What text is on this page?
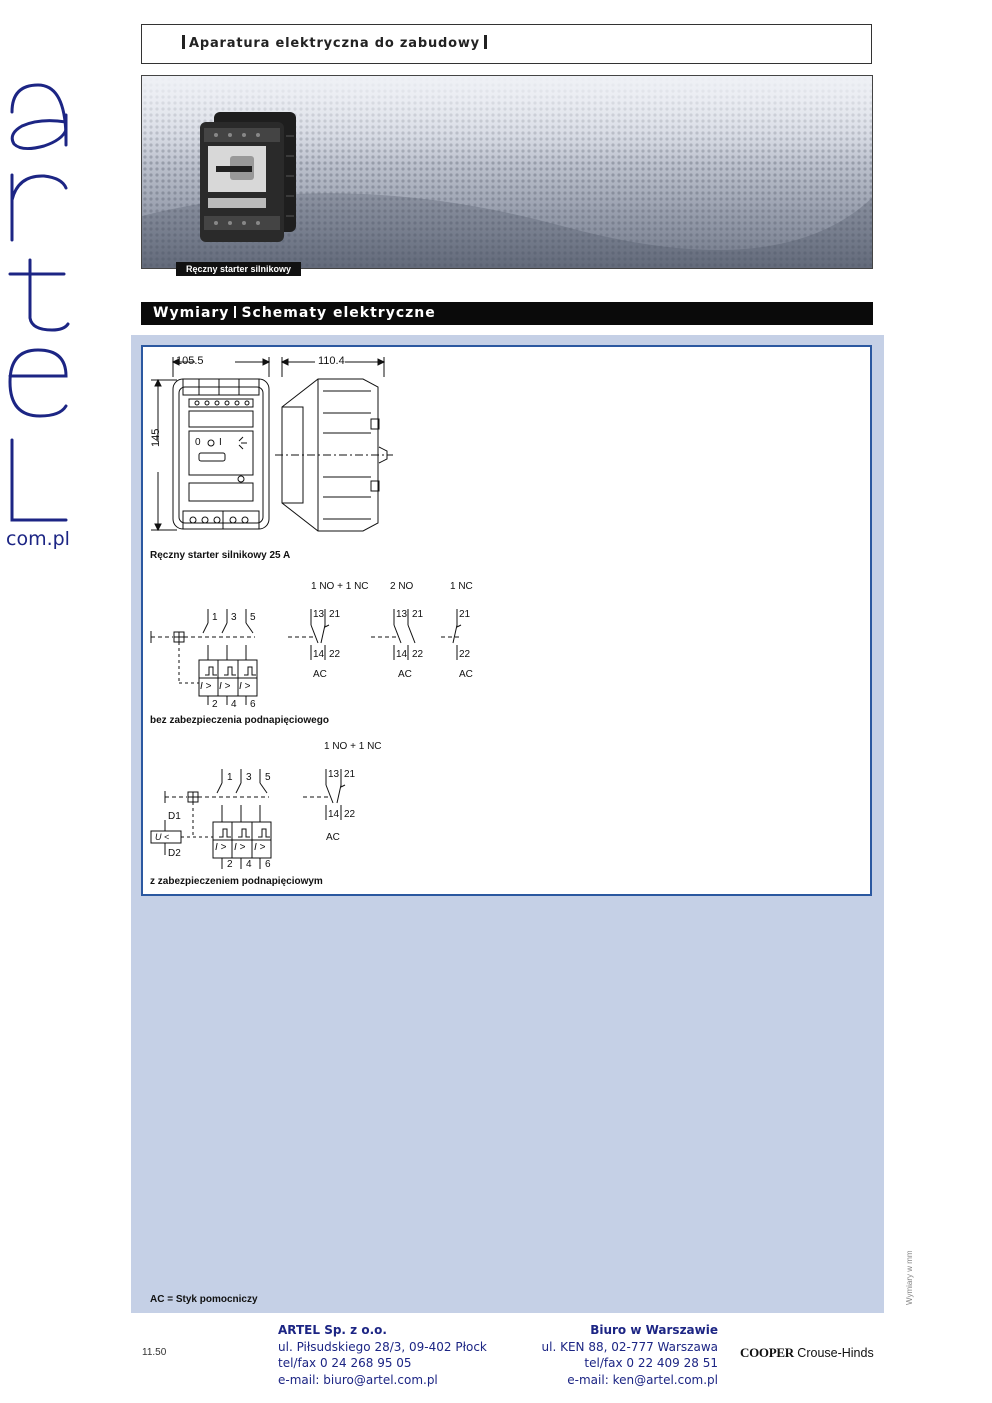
com.pl
Aparatura elektryczna do zabudowy
Ręczny starter silnikowy
Wymiary Schematy elektryczne
105.5	110.4
145	0 I
Ręczny starter silnikowy 25 A
1 3 5
I > I > I >
2 4 6
1 NO + 1 NC
13 21
14 22
AC
2 NO
13 21
14 22
AC
1 NC
21
22
AC
bez zabezpieczenia podnapięciowego
1 3 5
D1
U <
D2
I > I > I >
2 4 6
1 NO + 1 NC
13 21
14 22
AC
z zabezpieczeniem podnapięciowym
AC = Styk pomocniczy	Wymiary w mm
11.50
ARTEL Sp. z o.o.
ul. Piłsudskiego 28/3, 09-402 Płock
tel/fax 0 24 268 95 05
e-mail: biuro@artel.com.pl
Biuro w Warszawie
ul. KEN 88, 02-777 Warszawa
tel/fax 0 22 409 28 51
e-mail: ken@artel.com.pl
COOPER Crouse-Hinds
